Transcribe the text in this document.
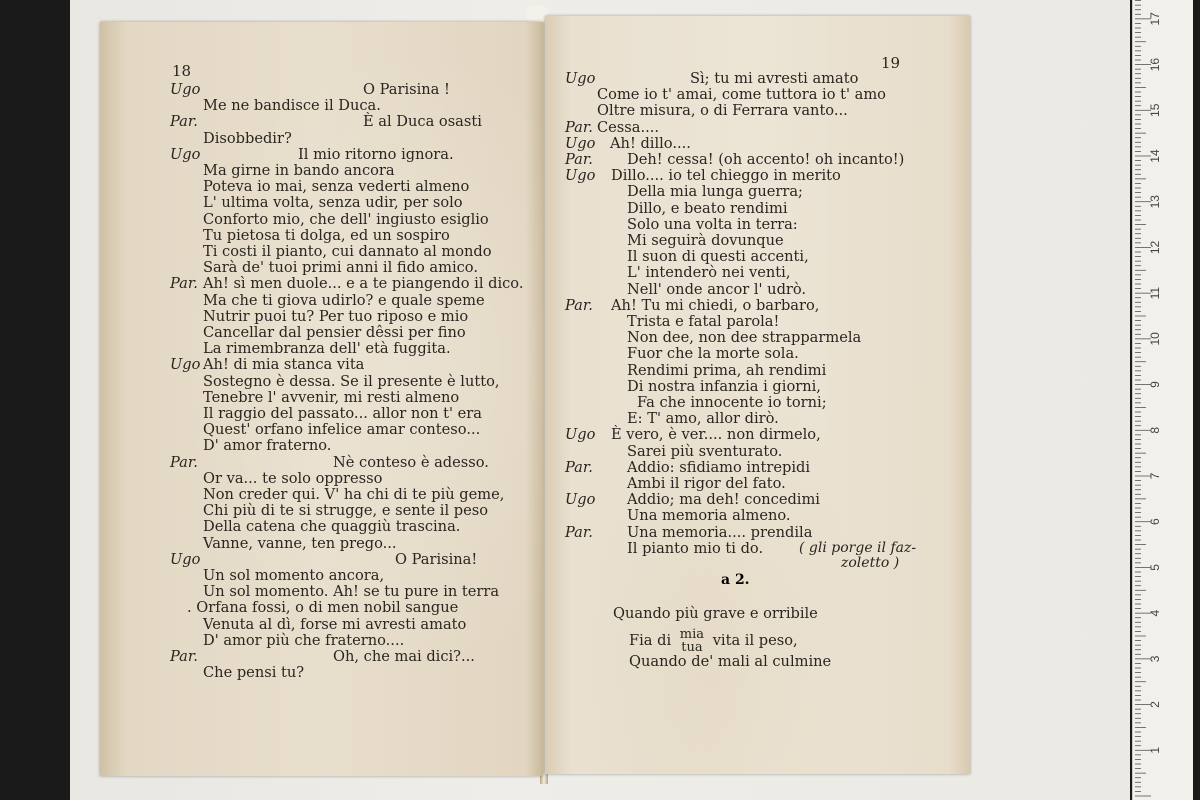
1
2
3
4
5
6
7
8
9
10
11
12
13
14
15
16
17
18
Ugo	O Parisina !
Me ne bandisce il Duca.
Par.	È al Duca osasti
Disobbedir?
Ugo	Il mio ritorno ignora.
Ma girne in bando ancora
Poteva io mai, senza vederti almeno
L' ultima volta, senza udir, per solo
Conforto mio, che dell' ingiusto esiglio
Tu pietosa ti dolga, ed un sospiro
Ti costi il pianto, cui dannato al mondo
Sarà de' tuoi primi anni il fido amico.
Par. Ah! sì men duole... e a te piangendo il dico.
Ma che ti giova udirlo? e quale speme
Nutrir puoi tu? Per tuo riposo e mio
Cancellar dal pensier dêssi per fino
La rimembranza dell' età fuggita.
Ugo Ah! di mia stanca vita
Sostegno è dessa. Se il presente è lutto,
Tenebre l' avvenir, mi resti almeno
Il raggio del passato... allor non t' era
Quest' orfano infelice amar conteso...
D' amor fraterno.
Par.	Nè conteso è adesso.
Or va... te solo oppresso
Non creder qui. V' ha chi di te più geme,
Chi più di te si strugge, e sente il peso
Della catena che quaggiù trascina.
Vanne, vanne, ten prego...
Ugo	O Parisina!
Un sol momento ancora,
Un sol momento. Ah! se tu pure in terra
. Orfana fossi, o di men nobil sangue
Venuta al dì, forse mi avresti amato
D' amor più che fraterno....
Par.	Oh, che mai dici?...
Che pensi tu?
19
Ugo	Sì; tu mi avresti amato
Come io t' amai, come tuttora io t' amo
Oltre misura, o di Ferrara vanto...
Par. Cessa....
Ugo Ah! dillo....
Par. Deh! cessa! (oh accento! oh incanto!)
Ugo Dillo.... io tel chieggo in merito
Della mia lunga guerra;
Dillo, e beato rendimi
Solo una volta in terra:
Mi seguirà dovunque
Il suon di questi accenti,
L' intenderò nei venti,
Nell' onde ancor l' udrò.
Par. Ah! Tu mi chiedi, o barbaro,
Trista e fatal parola!
Non dee, non dee strapparmela
Fuor che la morte sola.
Rendimi prima, ah rendimi
Di nostra infanzia i giorni,
Fa che innocente io torni;
E: T' amo, allor dirò.
Ugo È vero, è ver.... non dirmelo,
Sarei più sventurato.
Par. Addio: sfidiamo intrepidi
Ambi il rigor del fato.
Ugo Addio; ma deh! concedimi
Una memoria almeno.
Par. Una memoria.... prendila
Il pianto mio ti do.	( gli porge il faz-
zoletto )
a 2.
Quando più grave e orribile
Fia di mia
tua vita il peso,
Quando de' mali al culmine
